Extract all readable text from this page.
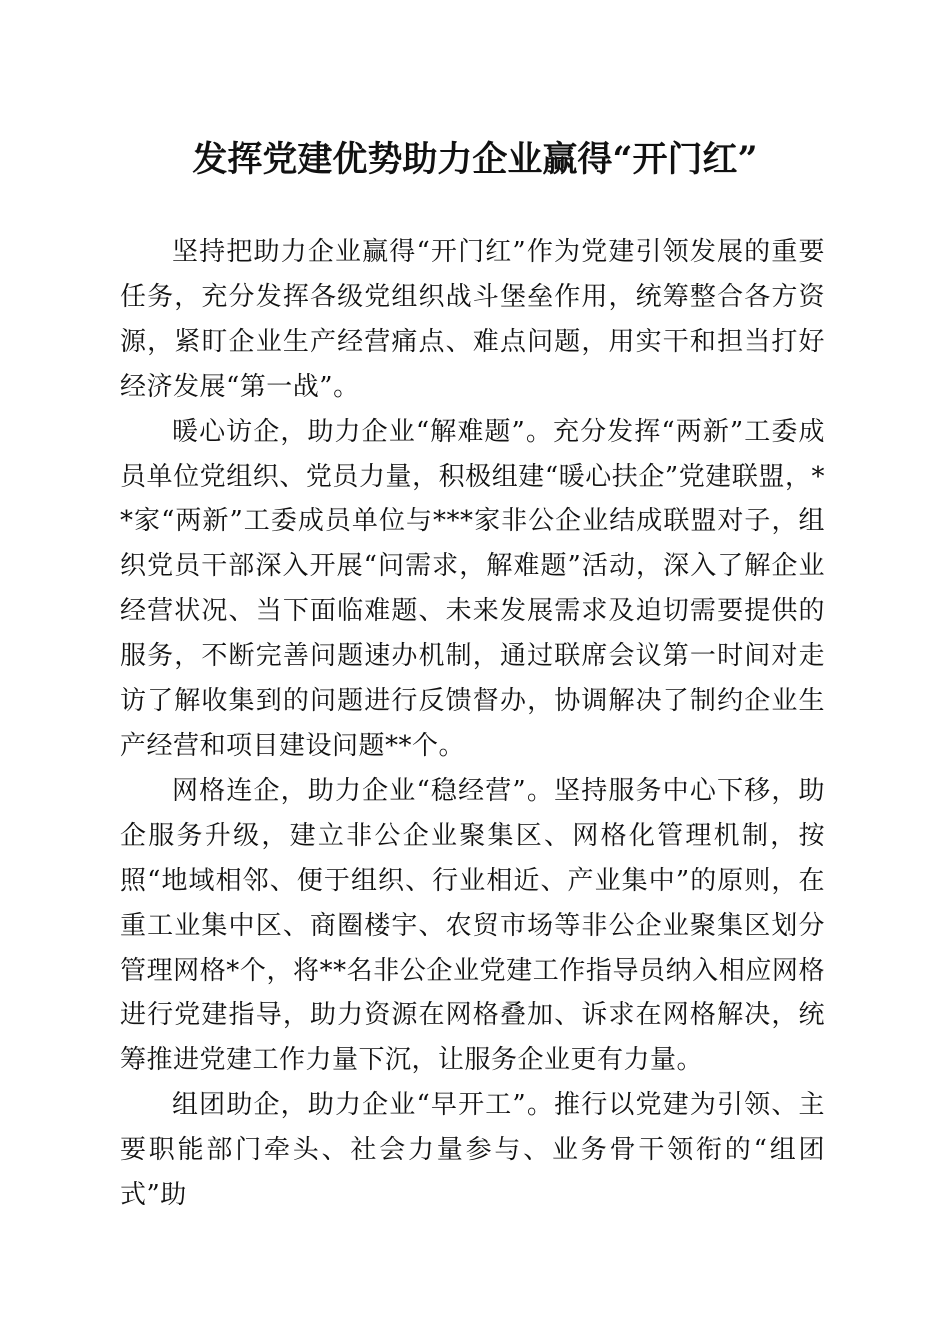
发挥党建优势助力企业赢得“开门红”

坚持把助力企业赢得“开门红”作为党建引领发展的重要任务，充分发挥各级党组织战斗堡垒作用，统筹整合各方资源，紧盯企业生产经营痛点、难点问题，用实干和担当打好经济发展“第一战”。

暖心访企，助力企业“解难题”。充分发挥“两新”工委成员单位党组织、党员力量，积极组建“暖心扶企”党建联盟，**家“两新”工委成员单位与***家非公企业结成联盟对子，组织党员干部深入开展“问需求，解难题”活动，深入了解企业经营状况、当下面临难题、未来发展需求及迫切需要提供的服务，不断完善问题速办机制，通过联席会议第一时间对走访了解收集到的问题进行反馈督办，协调解决了制约企业生产经营和项目建设问题**个。

网格连企，助力企业“稳经营”。坚持服务中心下移，助企服务升级，建立非公企业聚集区、网格化管理机制，按照“地域相邻、便于组织、行业相近、产业集中”的原则，在重工业集中区、商圈楼宇、农贸市场等非公企业聚集区划分管理网格*个，将**名非公企业党建工作指导员纳入相应网格进行党建指导，助力资源在网格叠加、诉求在网格解决，统筹推进党建工作力量下沉，让服务企业更有力量。

组团助企，助力企业“早开工”。推行以党建为引领、主要职能部门牵头、社会力量参与、业务骨干领衔的“组团式”助
